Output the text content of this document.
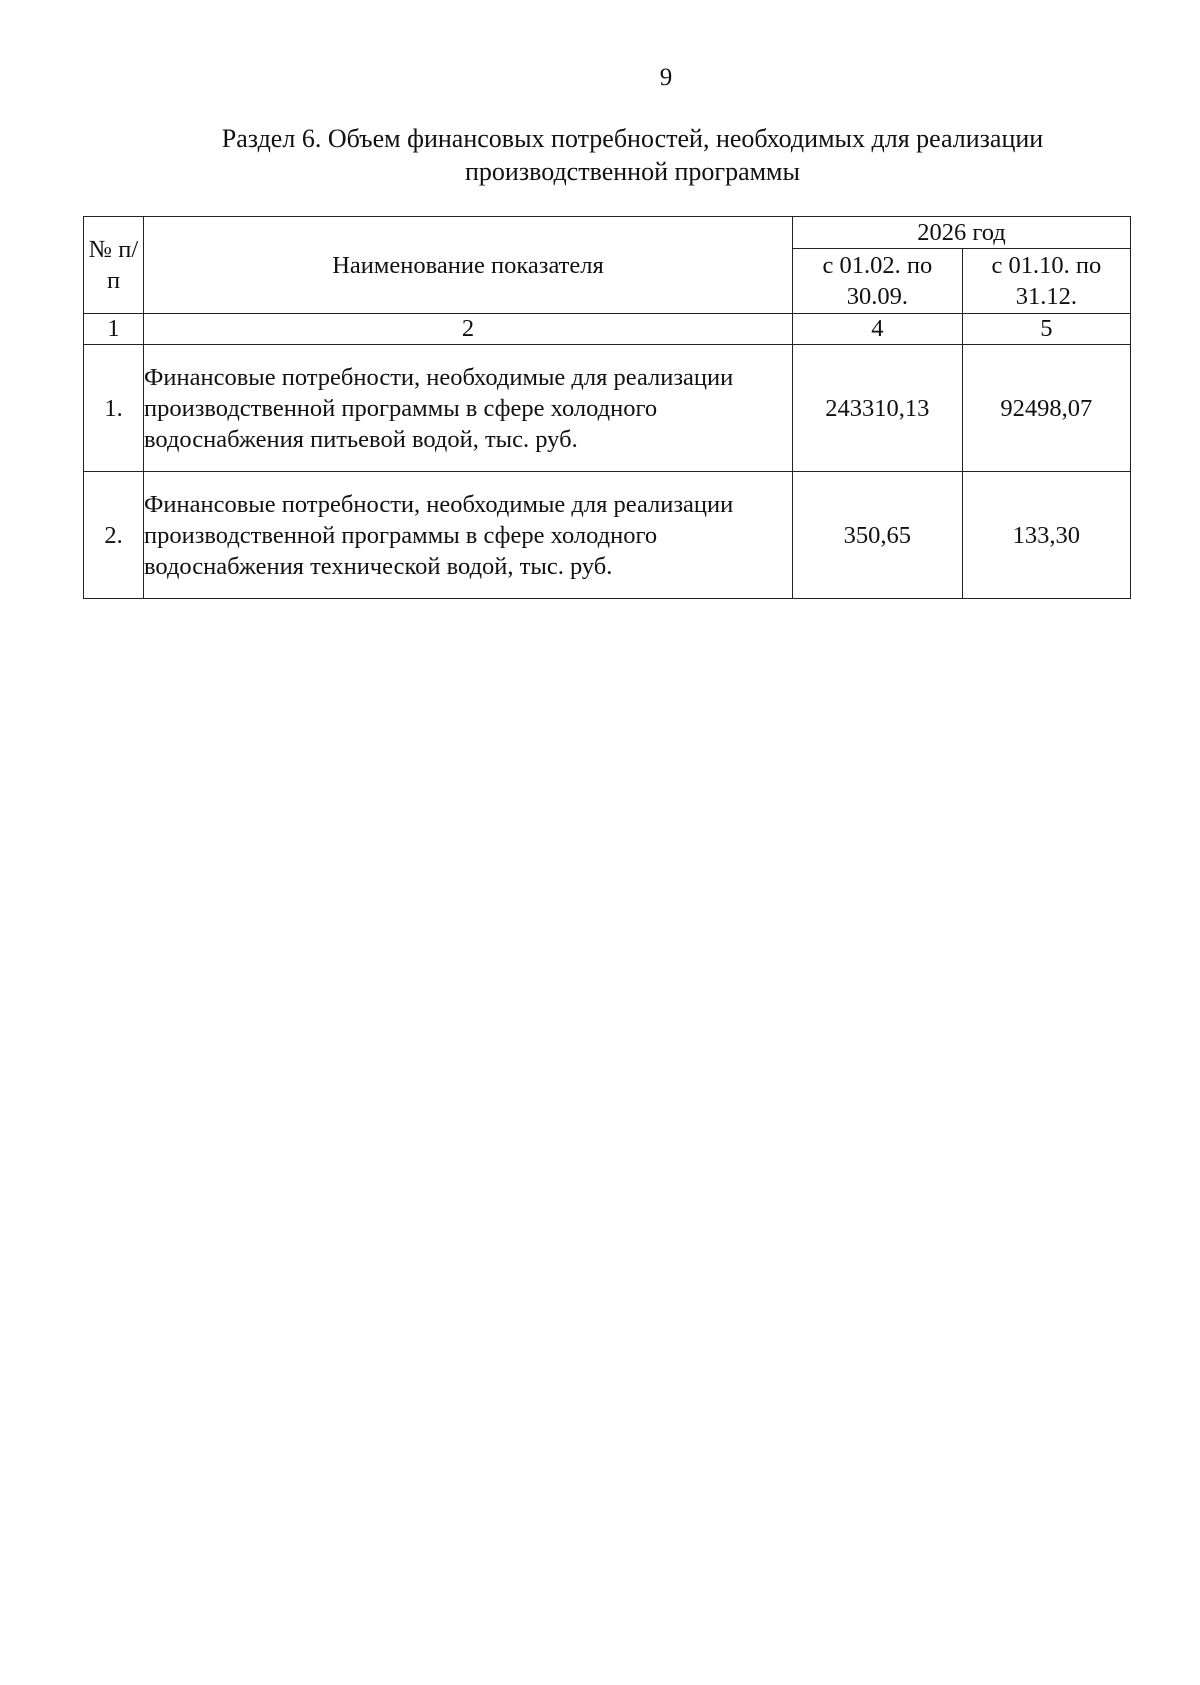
9
Раздел 6. Объем финансовых потребностей, необходимых для реализации
производственной программы
№ п/п	Наименование показателя	2026 год	
		с 01.02. по 30.09.	с 01.10. по 31.12.
1	2	4	5
1.	Финансовые потребности, необходимые для реализации производственной программы в сфере холодного водоснабжения питьевой водой, тыс. руб.	243310,13	92498,07
2.	Финансовые потребности, необходимые для реализации производственной программы в сфере холодного водоснабжения технической водой, тыс. руб.	350,65	133,30
